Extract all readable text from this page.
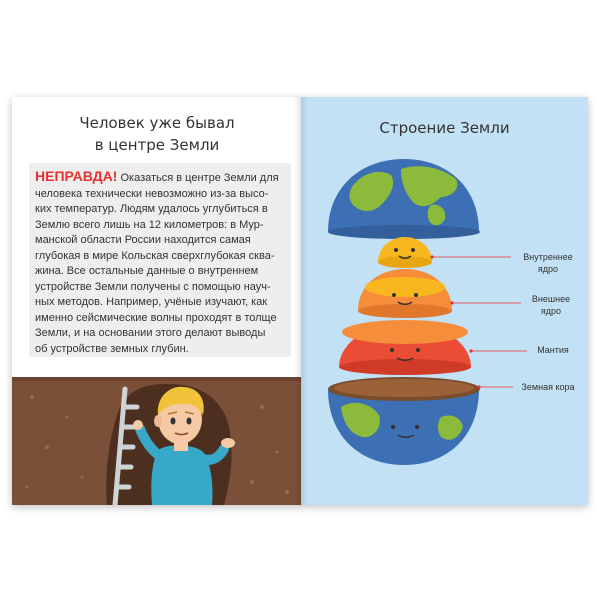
Человек уже бывал
в центре Земли
НЕПРАВДА! Оказаться в центре Земли для
человека технически невозможно из-за высо-
ких температур. Людям удалось углубиться в
Землю всего лишь на 12 километров: в Мур-
манской области России находится самая
глубокая в мире Кольская сверхглубокая сква-
жина. Все остальные данные о внутреннем
устройстве Земли получены с помощью науч-
ных методов. Например, учёные изучают, как
именно сейсмические волны проходят в толще
Земли, и на основании этого делают выводы
об устройстве земных глубин.
Строение Земли
Внутреннее
ядро
Внешнее
ядро
Мантия
Земная кора
